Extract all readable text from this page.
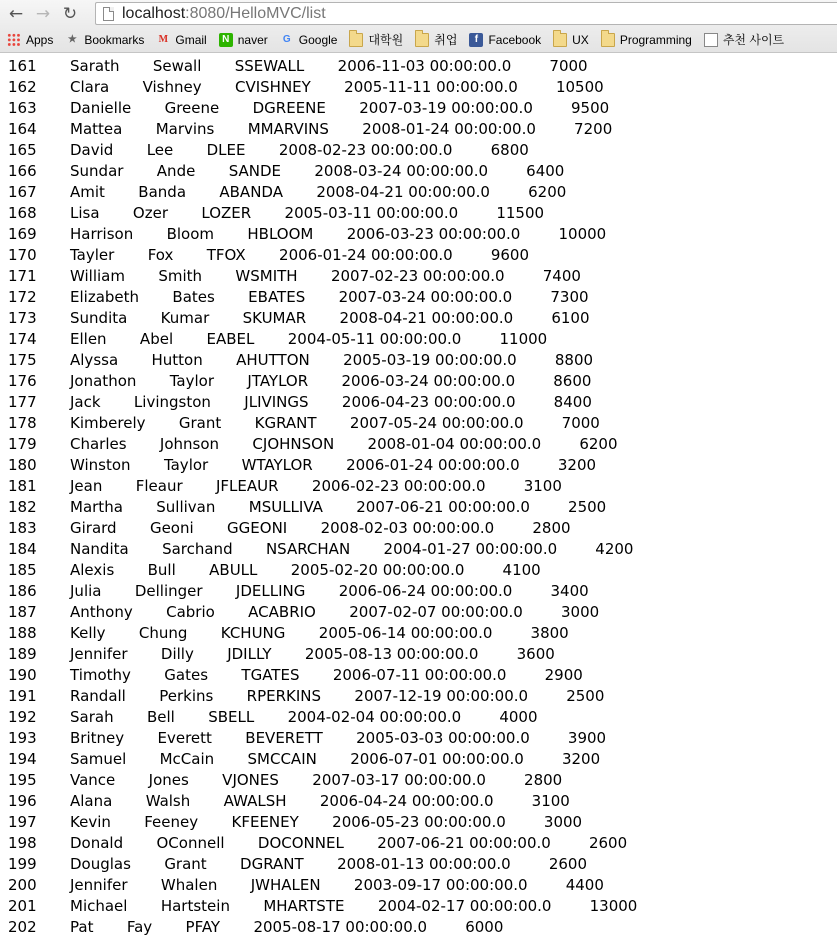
← → ↻	localhost:8080/HelloMVC/list
Apps ★ Bookmarks M Gmail	N naver	G Google	대학원	취업	f Facebook	UX	Programming	추천 사이트
161       Sarath       Sewall       SSEWALL       2006-11-03 00:00:00.0        7000
162       Clara       Vishney       CVISHNEY       2005-11-11 00:00:00.0        10500
163       Danielle       Greene       DGREENE       2007-03-19 00:00:00.0        9500
164       Mattea       Marvins       MMARVINS       2008-01-24 00:00:00.0        7200
165       David       Lee       DLEE       2008-02-23 00:00:00.0        6800
166       Sundar       Ande       SANDE       2008-03-24 00:00:00.0        6400
167       Amit       Banda       ABANDA       2008-04-21 00:00:00.0        6200
168       Lisa       Ozer       LOZER       2005-03-11 00:00:00.0        11500
169       Harrison       Bloom       HBLOOM       2006-03-23 00:00:00.0        10000
170       Tayler       Fox       TFOX       2006-01-24 00:00:00.0        9600
171       William       Smith       WSMITH       2007-02-23 00:00:00.0        7400
172       Elizabeth       Bates       EBATES       2007-03-24 00:00:00.0        7300
173       Sundita       Kumar       SKUMAR       2008-04-21 00:00:00.0        6100
174       Ellen       Abel       EABEL       2004-05-11 00:00:00.0        11000
175       Alyssa       Hutton       AHUTTON       2005-03-19 00:00:00.0        8800
176       Jonathon       Taylor       JTAYLOR       2006-03-24 00:00:00.0        8600
177       Jack       Livingston       JLIVINGS       2006-04-23 00:00:00.0        8400
178       Kimberely       Grant       KGRANT       2007-05-24 00:00:00.0        7000
179       Charles       Johnson       CJOHNSON       2008-01-04 00:00:00.0        6200
180       Winston       Taylor       WTAYLOR       2006-01-24 00:00:00.0        3200
181       Jean       Fleaur       JFLEAUR       2006-02-23 00:00:00.0        3100
182       Martha       Sullivan       MSULLIVA       2007-06-21 00:00:00.0        2500
183       Girard       Geoni       GGEONI       2008-02-03 00:00:00.0        2800
184       Nandita       Sarchand       NSARCHAN       2004-01-27 00:00:00.0        4200
185       Alexis       Bull       ABULL       2005-02-20 00:00:00.0        4100
186       Julia       Dellinger       JDELLING       2006-06-24 00:00:00.0        3400
187       Anthony       Cabrio       ACABRIO       2007-02-07 00:00:00.0        3000
188       Kelly       Chung       KCHUNG       2005-06-14 00:00:00.0        3800
189       Jennifer       Dilly       JDILLY       2005-08-13 00:00:00.0        3600
190       Timothy       Gates       TGATES       2006-07-11 00:00:00.0        2900
191       Randall       Perkins       RPERKINS       2007-12-19 00:00:00.0        2500
192       Sarah       Bell       SBELL       2004-02-04 00:00:00.0        4000
193       Britney       Everett       BEVERETT       2005-03-03 00:00:00.0        3900
194       Samuel       McCain       SMCCAIN       2006-07-01 00:00:00.0        3200
195       Vance       Jones       VJONES       2007-03-17 00:00:00.0        2800
196       Alana       Walsh       AWALSH       2006-04-24 00:00:00.0        3100
197       Kevin       Feeney       KFEENEY       2006-05-23 00:00:00.0        3000
198       Donald       OConnell       DOCONNEL       2007-06-21 00:00:00.0        2600
199       Douglas       Grant       DGRANT       2008-01-13 00:00:00.0        2600
200       Jennifer       Whalen       JWHALEN       2003-09-17 00:00:00.0        4400
201       Michael       Hartstein       MHARTSTE       2004-02-17 00:00:00.0        13000
202       Pat       Fay       PFAY       2005-08-17 00:00:00.0        6000
